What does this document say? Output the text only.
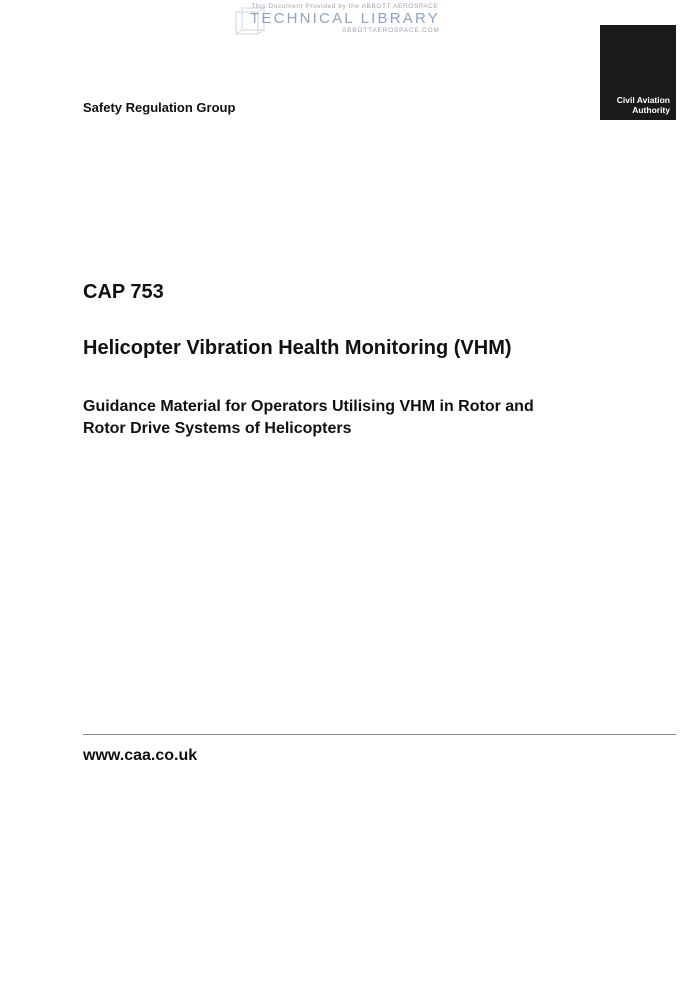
This Document Provided by the ABBOTT AEROSPACE
TECHNICAL LIBRARY
ABBOTTAEROSPACE.COM
Civil Aviation
Authority
Safety Regulation Group
CAP 753
Helicopter Vibration Health Monitoring (VHM)
Guidance Material for Operators Utilising VHM in Rotor and
Rotor Drive Systems of Helicopters
www.caa.co.uk
